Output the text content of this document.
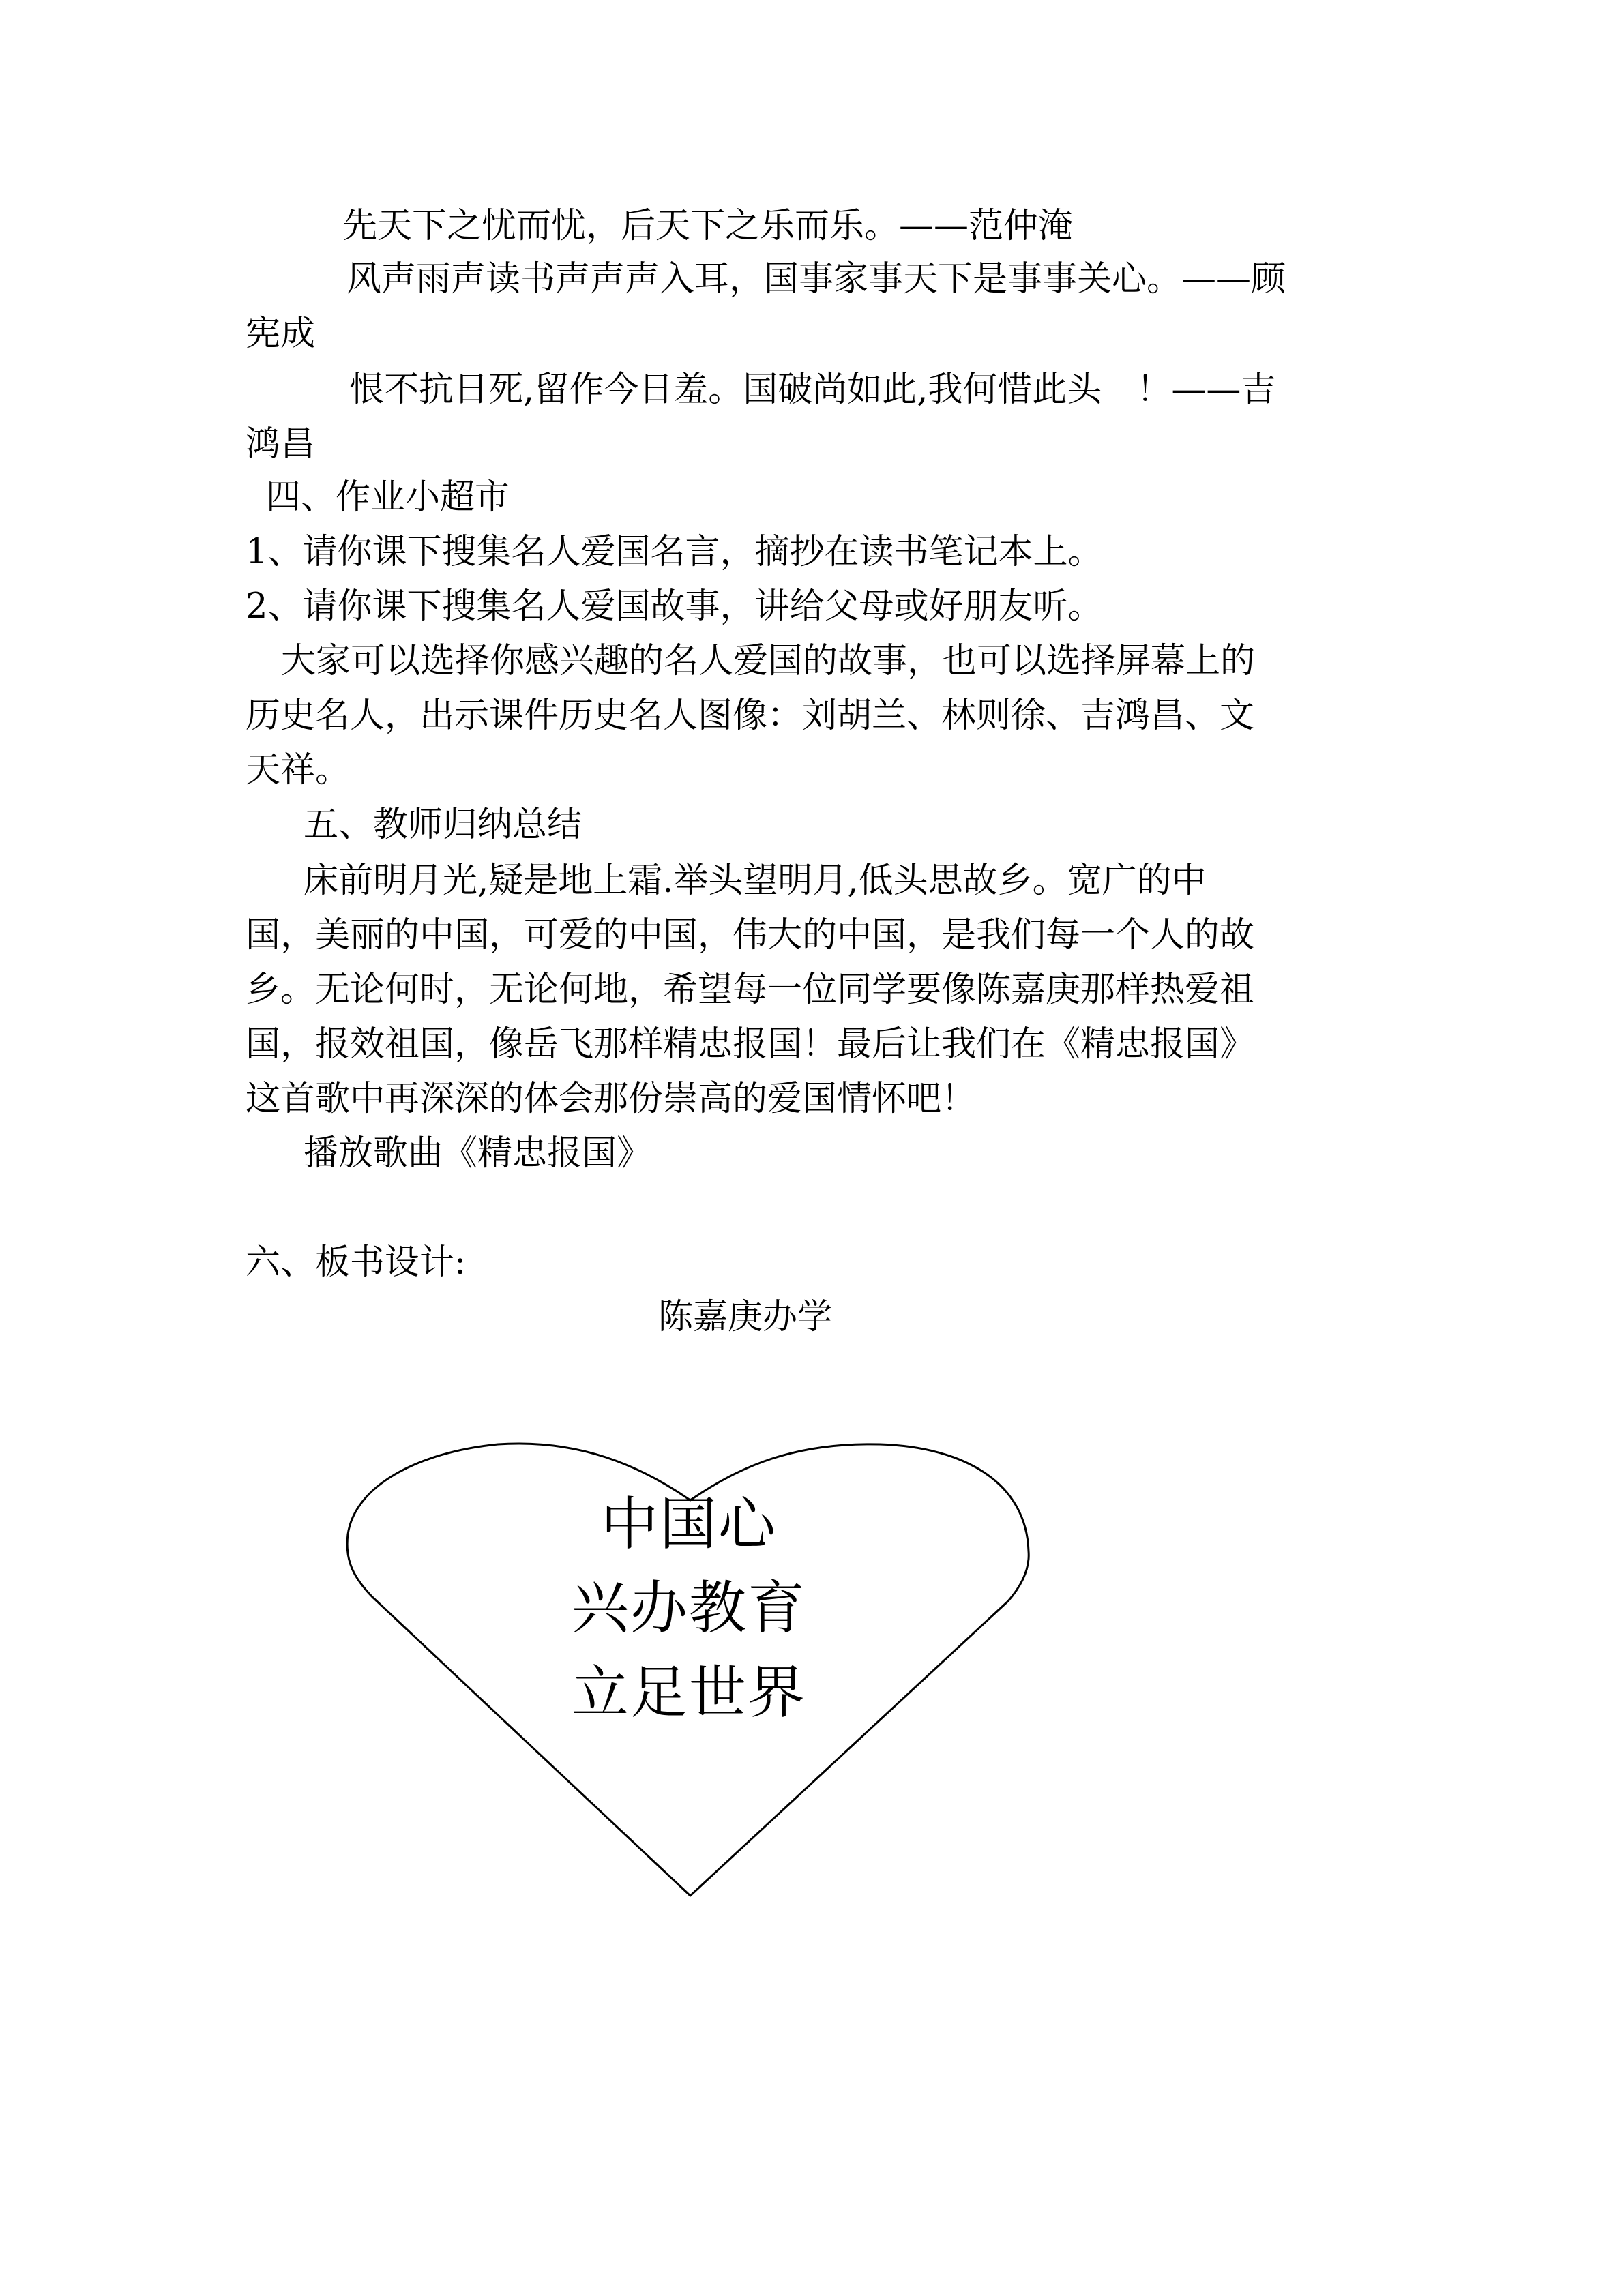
先天下之忧而忧，后天下之乐而乐。——范仲淹

风声雨声读书声声声入耳，国事家事天下是事事关心。——顾

宪成

恨不抗日死,留作今日羞。国破尚如此,我何惜此头　！——吉

鸿昌

四、作业小超市

1、请你课下搜集名人爱国名言，摘抄在读书笔记本上。

2、请你课下搜集名人爱国故事，讲给父母或好朋友听。

大家可以选择你感兴趣的名人爱国的故事，也可以选择屏幕上的

历史名人，出示课件历史名人图像：刘胡兰、林则徐、吉鸿昌、文

天祥。

五、教师归纳总结

床前明月光,疑是地上霜.举头望明月,低头思故乡。宽广的中

国，美丽的中国，可爱的中国，伟大的中国，是我们每一个人的故

乡。无论何时，无论何地，希望每一位同学要像陈嘉庚那样热爱祖

国，报效祖国，像岳飞那样精忠报国！最后让我们在《精忠报国》

这首歌中再深深的体会那份崇高的爱国情怀吧！

播放歌曲《精忠报国》

六、板书设计:

陈嘉庚办学

中国心

兴办教育

立足世界
